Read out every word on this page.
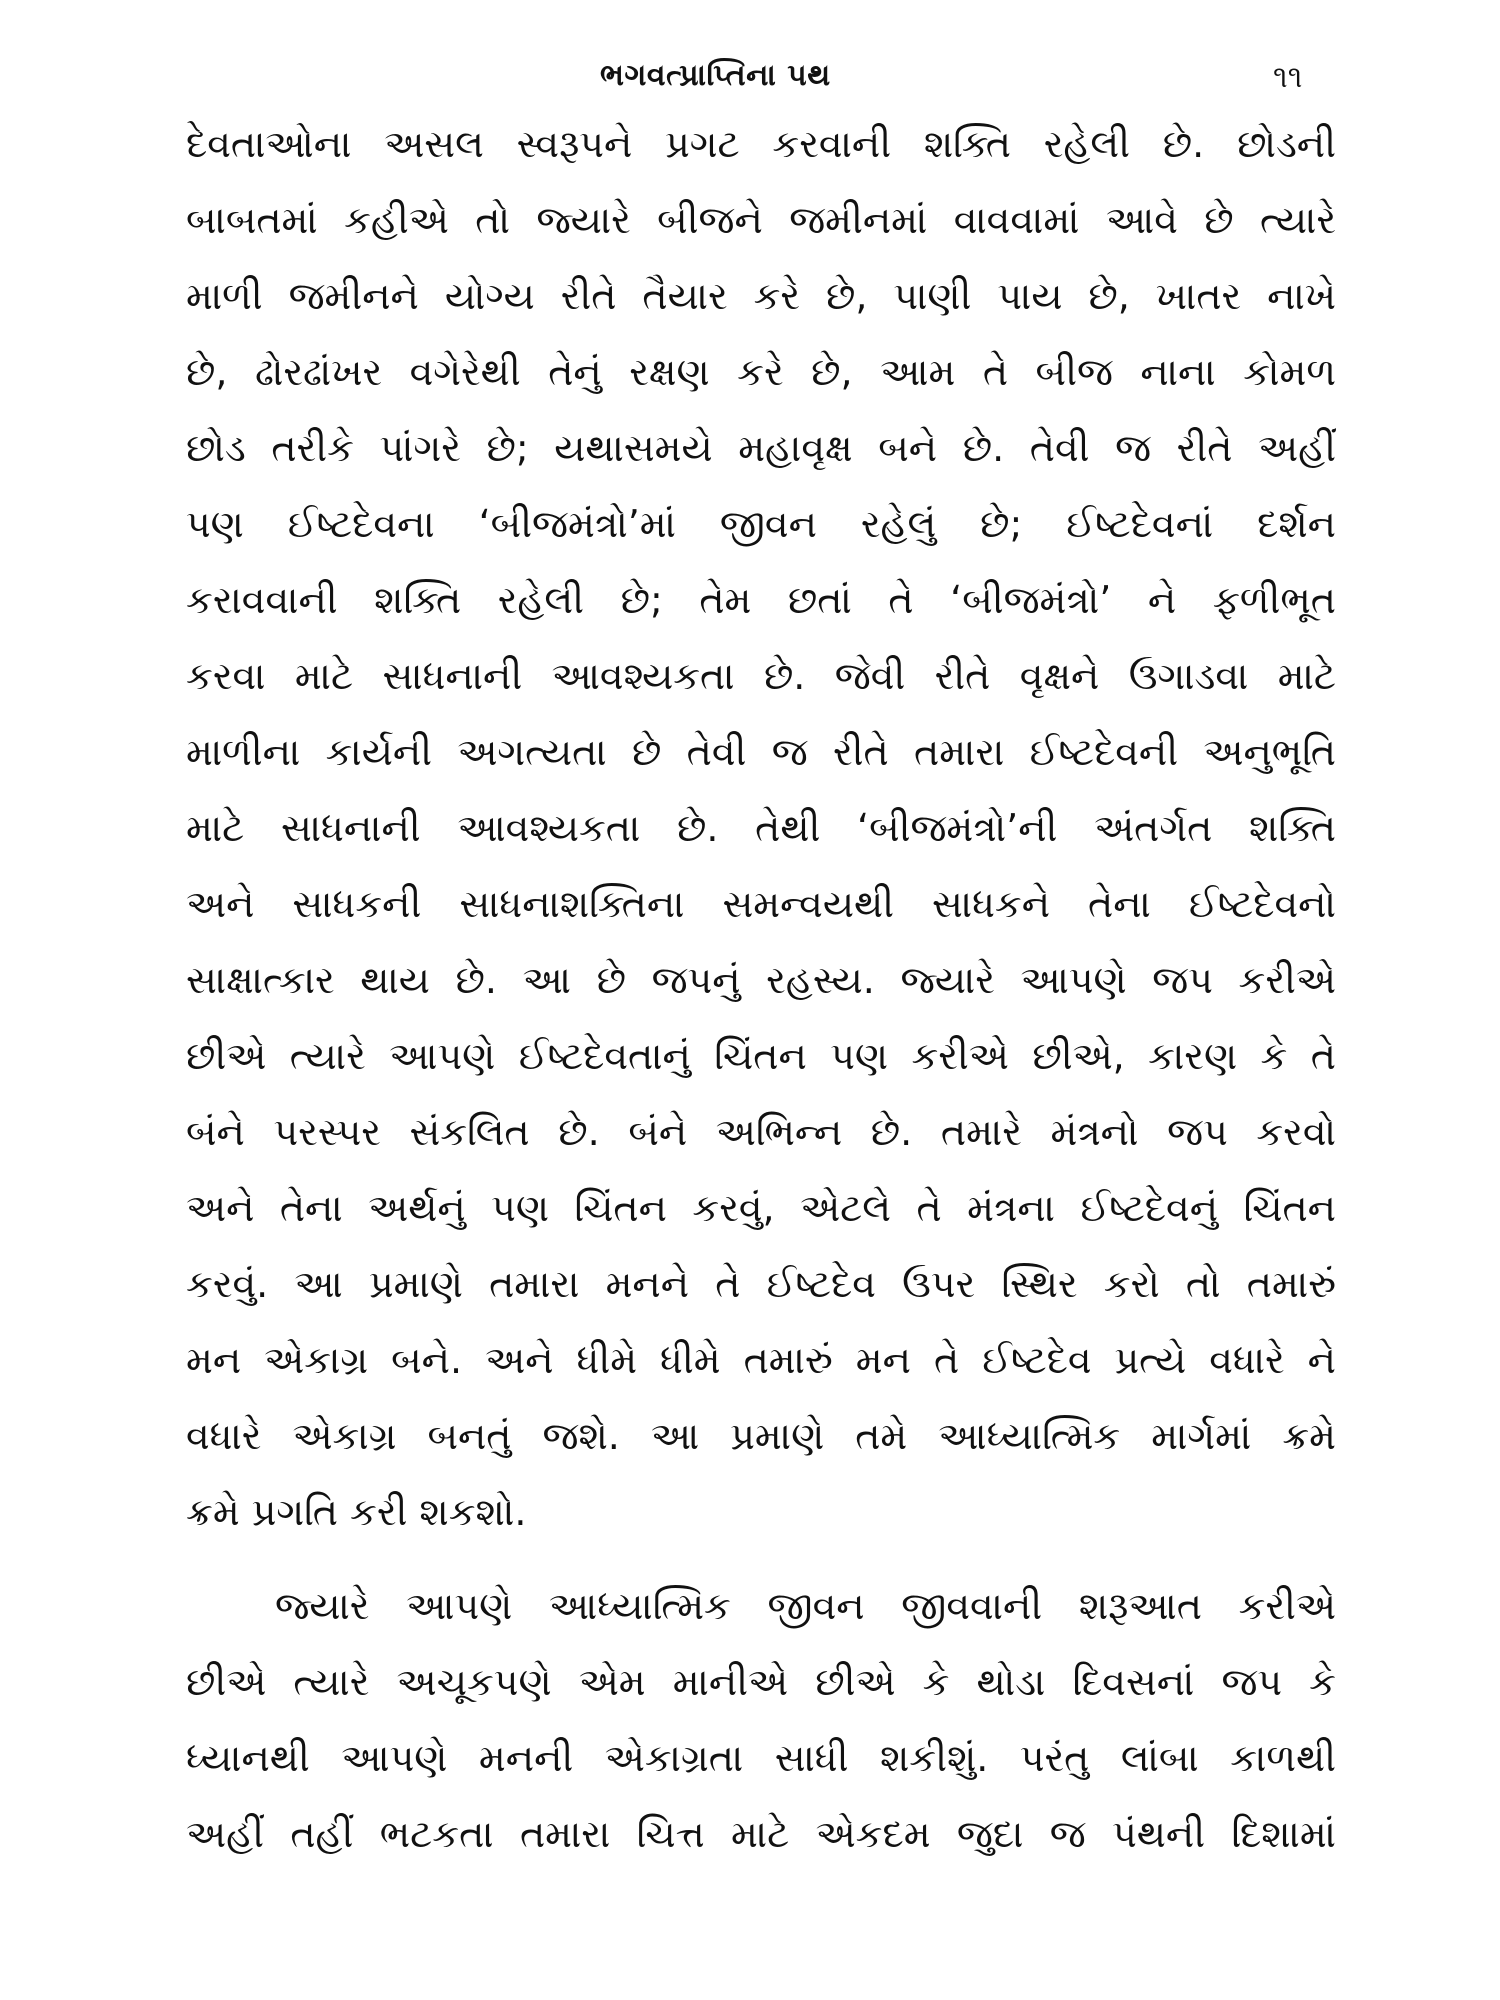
ભગવત્પ્રાપ્તિના પથ	૧૧
દેવતાઓના અસલ સ્વરૂપને પ્રગટ કરવાની શક્તિ રહેલી છે. છોડની
બાબતમાં કહીએ તો જ્યારે બીજને જમીનમાં વાવવામાં આવે છે ત્યારે
માળી જમીનને યોગ્ય રીતે તૈયાર કરે છે, પાણી પાય છે, ખાતર નાખે
છે, ઢોરઢાંખર વગેરેથી તેનું રક્ષણ કરે છે, આમ તે બીજ નાના કોમળ
છોડ તરીકે પાંગરે છે; યથાસમયે મહાવૃક્ષ બને છે. તેવી જ રીતે અહીં
પણ ઈષ્ટદેવના ‘બીજમંત્રો’માં જીવન રહેલું છે; ઈષ્ટદેવનાં દર્શન
કરાવવાની શક્તિ રહેલી છે; તેમ છતાં તે ‘બીજમંત્રો’ ને ફળીભૂત
કરવા માટે સાધનાની આવશ્યકતા છે. જેવી રીતે વૃક્ષને ઉગાડવા માટે
માળીના કાર્યની અગત્યતા છે તેવી જ રીતે તમારા ઈષ્ટદેવની અનુભૂતિ
માટે સાધનાની આવશ્યકતા છે. તેથી ‘બીજમંત્રો’ની અંતર્ગત શક્તિ
અને સાધકની સાધનાશક્તિના સમન્વયથી સાધકને તેના ઈષ્ટદેવનો
સાક્ષાત્કાર થાય છે. આ છે જપનું રહસ્ય. જ્યારે આપણે જપ કરીએ
છીએ ત્યારે આપણે ઈષ્ટદેવતાનું ચિંતન પણ કરીએ છીએ, કારણ કે તે
બંને પરસ્પર સંકલિત છે. બંને અભિન્ન છે. તમારે મંત્રનો જપ કરવો
અને તેના અર્થનું પણ ચિંતન કરવું, એટલે તે મંત્રના ઈષ્ટદેવનું ચિંતન
કરવું. આ પ્રમાણે તમારા મનને તે ઈષ્ટદેવ ઉપર સ્થિર કરો તો તમારું
મન એકાગ્ર બને. અને ધીમે ધીમે તમારું મન તે ઈષ્ટદેવ પ્રત્યે વધારે ને
વધારે એકાગ્ર બનતું જશે. આ પ્રમાણે તમે આધ્યાત્મિક માર્ગમાં ક્રમે
ક્રમે પ્રગતિ કરી શકશો.
જ્યારે આપણે આધ્યાત્મિક જીવન જીવવાની શરૂઆત કરીએ
છીએ ત્યારે અચૂકપણે એમ માનીએ છીએ કે થોડા દિવસનાં જપ કે
ધ્યાનથી આપણે મનની એકાગ્રતા સાધી શકીશું. પરંતુ લાંબા કાળથી
અહીં તહીં ભટકતા તમારા ચિત્ત માટે એકદમ જુદા જ પંથની દિશામાં
